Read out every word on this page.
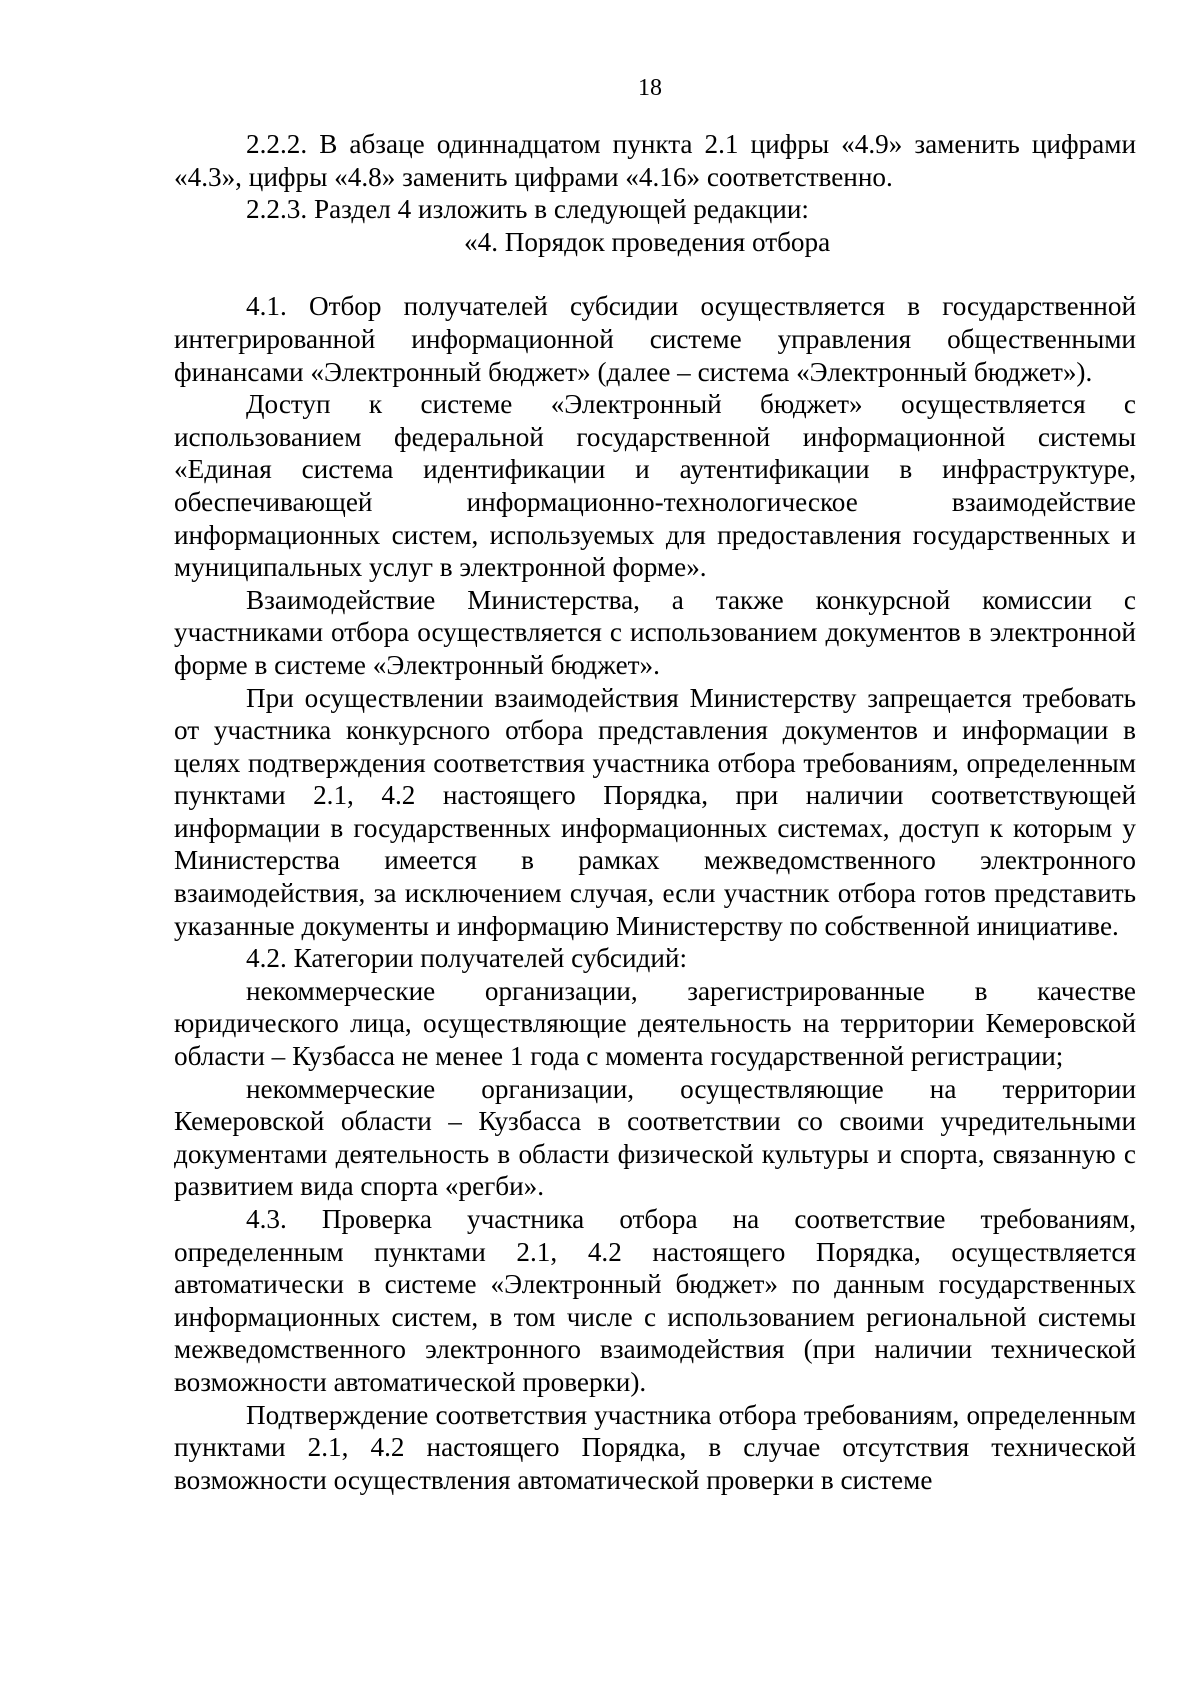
18

2.2.2. В абзаце одиннадцатом пункта 2.1 цифры «4.9» заменить цифрами «4.3», цифры «4.8» заменить цифрами «4.16» соответственно.

2.2.3. Раздел 4 изложить в следующей редакции:

«4. Порядок проведения отбора

4.1. Отбор получателей субсидии осуществляется в государственной интегрированной информационной системе управления общественными финансами «Электронный бюджет» (далее – система «Электронный бюджет»).

Доступ к системе «Электронный бюджет» осуществляется с использованием федеральной государственной информационной системы «Единая система идентификации и аутентификации в инфраструктуре, обеспечивающей информационно-технологическое взаимодействие информационных систем, используемых для предоставления государственных и муниципальных услуг в электронной форме».

Взаимодействие Министерства, а также конкурсной комиссии с участниками отбора осуществляется с использованием документов в электронной форме в системе «Электронный бюджет».

При осуществлении взаимодействия Министерству запрещается требовать от участника конкурсного отбора представления документов и информации в целях подтверждения соответствия участника отбора требованиям, определенным пунктами 2.1, 4.2 настоящего Порядка, при наличии соответствующей информации в государственных информационных системах, доступ к которым у Министерства имеется в рамках межведомственного электронного взаимодействия, за исключением случая, если участник отбора готов представить указанные документы и информацию Министерству по собственной инициативе.

4.2. Категории получателей субсидий:

некоммерческие организации, зарегистрированные в качестве юридического лица, осуществляющие деятельность на территории Кемеровской области – Кузбасса не менее 1 года с момента государственной регистрации;

некоммерческие организации, осуществляющие на территории Кемеровской области – Кузбасса в соответствии со своими учредительными документами деятельность в области физической культуры и спорта, связанную с развитием вида спорта «регби».

4.3. Проверка участника отбора на соответствие требованиям, определенным пунктами 2.1, 4.2 настоящего Порядка, осуществляется автоматически в системе «Электронный бюджет» по данным государственных информационных систем, в том числе с использованием региональной системы межведомственного электронного взаимодействия (при наличии технической возможности автоматической проверки).

Подтверждение соответствия участника отбора требованиям, определенным пунктами 2.1, 4.2 настоящего Порядка, в случае отсутствия технической возможности осуществления автоматической проверки в системе
